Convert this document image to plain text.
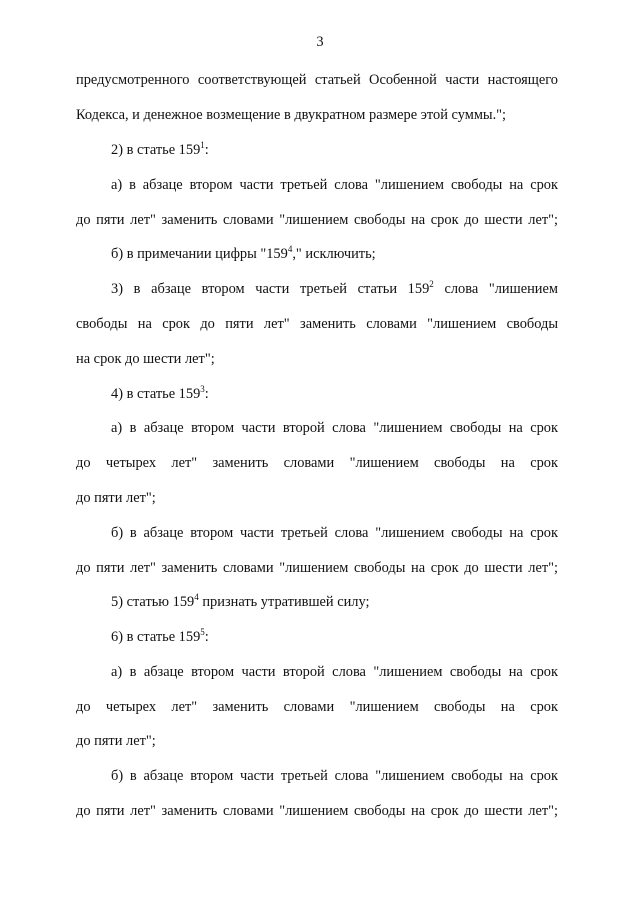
3
предусмотренного соответствующей статьей Особенной части настоящего
Кодекса, и денежное возмещение в двукратном размере этой суммы.";
2) в статье $159^1$:
а) в абзаце втором части третьей слова "лишением свободы на срок
до пяти лет" заменить словами "лишением свободы на срок до шести лет";
б) в примечании цифры "$159^4$," исключить;
3) в абзаце втором части третьей статьи $159^2$ слова "лишением
свободы на срок до пяти лет" заменить словами "лишением свободы
на срок до шести лет";
4) в статье $159^3$:
а) в абзаце втором части второй слова "лишением свободы на срок
до четырех лет" заменить словами "лишением свободы на срок
до пяти лет";
б) в абзаце втором части третьей слова "лишением свободы на срок
до пяти лет" заменить словами "лишением свободы на срок до шести лет";
5) статью $159^4$ признать утратившей силу;
6) в статье $159^5$:
а) в абзаце втором части второй слова "лишением свободы на срок
до четырех лет" заменить словами "лишением свободы на срок
до пяти лет";
б) в абзаце втором части третьей слова "лишением свободы на срок
до пяти лет" заменить словами "лишением свободы на срок до шести лет";
